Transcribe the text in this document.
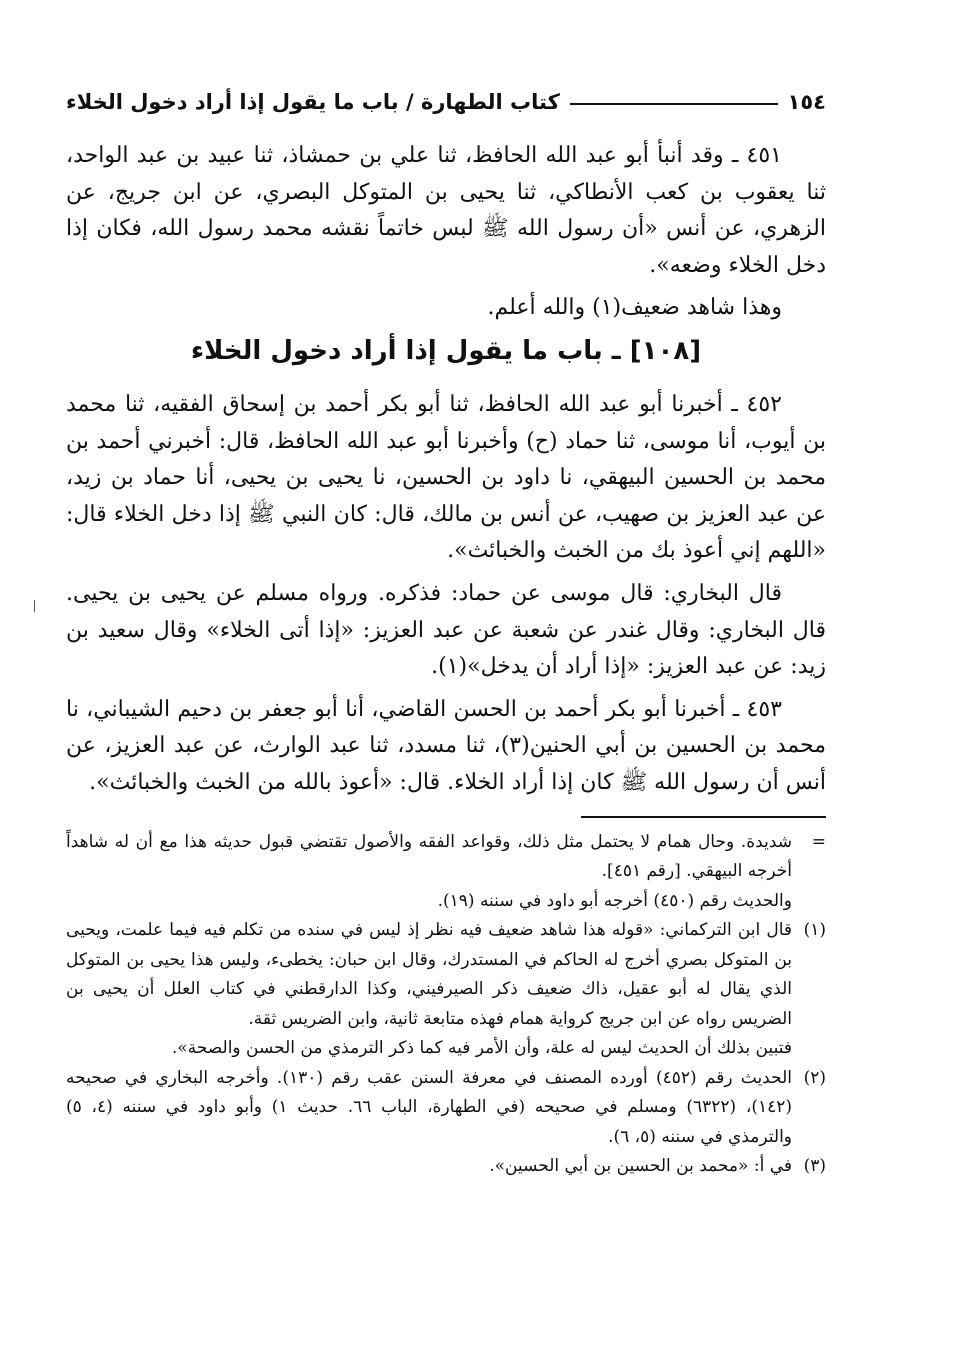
١٥٤
كتاب الطهارة / باب ما يقول إذا أراد دخول الخلاء

٤٥١ ـ وقد أنبأ أبو عبد الله الحافظ، ثنا علي بن حمشاذ، ثنا عبيد بن عبد الواحد، ثنا يعقوب بن كعب الأنطاكي، ثنا يحيى بن المتوكل البصري، عن ابن جريج، عن الزهري، عن أنس «أن رسول الله ﷺ لبس خاتماً نقشه محمد رسول الله، فكان إذا دخل الخلاء وضعه».

وهذا شاهد ضعيف(١) والله أعلم.

[١٠٨] ـ باب ما يقول إذا أراد دخول الخلاء

٤٥٢ ـ أخبرنا أبو عبد الله الحافظ، ثنا أبو بكر أحمد بن إسحاق الفقيه، ثنا محمد بن أيوب، أنا موسى، ثنا حماد (ح) وأخبرنا أبو عبد الله الحافظ، قال: أخبرني أحمد بن محمد بن الحسين البيهقي، نا داود بن الحسين، نا يحيى بن يحيى، أنا حماد بن زيد، عن عبد العزيز بن صهيب، عن أنس بن مالك، قال: كان النبي ﷺ إذا دخل الخلاء قال: «اللهم إني أعوذ بك من الخبث والخبائث».

قال البخاري: قال موسى عن حماد: فذكره. ورواه مسلم عن يحيى بن يحيى. قال البخاري: وقال غندر عن شعبة عن عبد العزيز: «إذا أتى الخلاء» وقال سعيد بن زيد: عن عبد العزيز: «إذا أراد أن يدخل»(١).

٤٥٣ ـ أخبرنا أبو بكر أحمد بن الحسن القاضي، أنا أبو جعفر بن دحيم الشيباني، نا محمد بن الحسين بن أبي الحنين(٣)، ثنا مسدد، ثنا عبد الوارث، عن عبد العزيز، عن أنس أن رسول الله ﷺ كان إذا أراد الخلاء. قال: «أعوذ بالله من الخبث والخبائث».

=
شديدة. وحال همام لا يحتمل مثل ذلك، وقواعد الفقه والأصول تقتضي قبول حديثه هذا مع أن له شاهداً أخرجه البيهقي. [رقم ٤٥١].
والحديث رقم (٤٥٠) أخرجه أبو داود في سننه (١٩).
(١)
قال ابن التركماني: «قوله هذا شاهد ضعيف فيه نظر إذ ليس في سنده من تكلم فيه فيما علمت، ويحيى بن المتوكل بصري أخرج له الحاكم في المستدرك، وقال ابن حبان: يخطىء، وليس هذا يحيى بن المتوكل الذي يقال له أبو عقيل، ذاك ضعيف ذكر الصيرفيني، وكذا الدارقطني في كتاب العلل أن يحيى بن الضريس رواه عن ابن جريج كرواية همام فهذه متابعة ثانية، وابن الضريس ثقة.
فتبين بذلك أن الحديث ليس له علة، وأن الأمر فيه كما ذكر الترمذي من الحسن والصحة».
(٢)
الحديث رقم (٤٥٢) أورده المصنف في معرفة السنن عقب رقم (١٣٠). وأخرجه البخاري في صحيحه (١٤٢)، (٦٣٢٢) ومسلم في صحيحه (في الطهارة، الباب ٦٦. حديث ١) وأبو داود في سننه (٤، ٥) والترمذي في سننه (٥، ٦).
(٣)
في أ: «محمد بن الحسين بن أبي الحسين».
